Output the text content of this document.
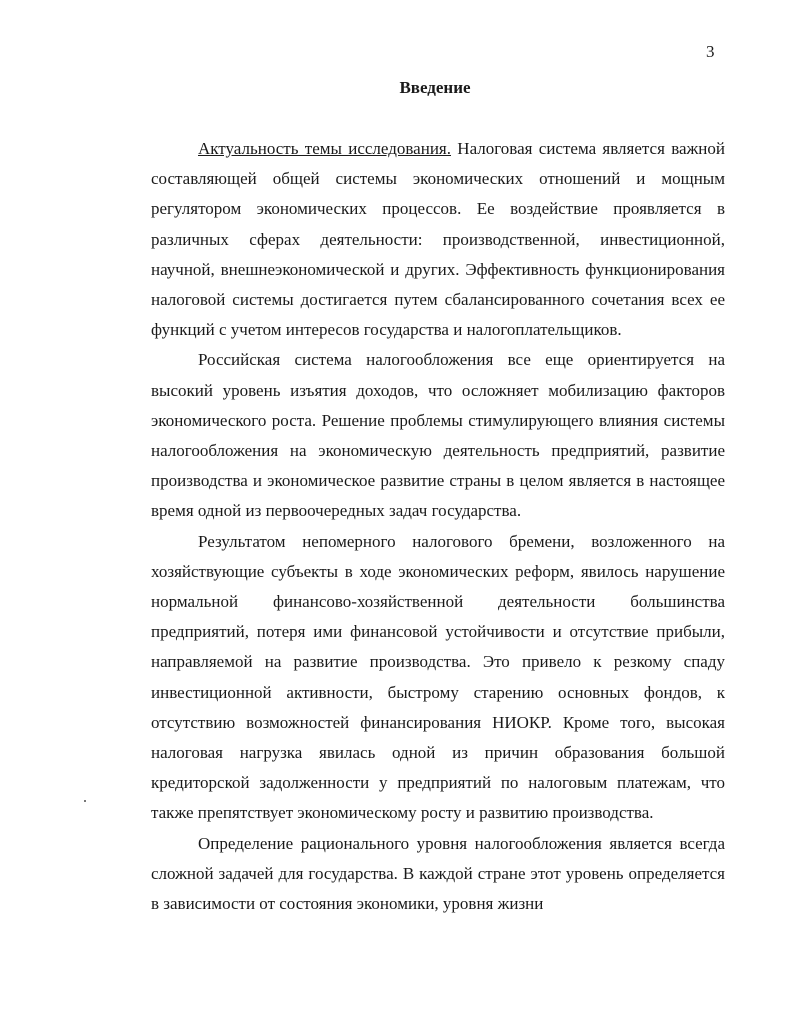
3
Введение

Актуальность темы исследования. Налоговая система является важной составляющей общей системы экономических отношений и мощным регулятором экономических процессов. Ее воздействие проявляется в различных сферах деятельности: производственной, инвестиционной, научной, внешнеэкономической и других. Эффективность функционирования налоговой системы достигается путем сбалансированного сочетания всех ее функций с учетом интересов государства и налогоплательщиков.

Российская система налогообложения все еще ориентируется на высокий уровень изъятия доходов, что осложняет мобилизацию факторов экономического роста. Решение проблемы стимулирующего влияния системы налогообложения на экономическую деятельность предприятий, развитие производства и экономическое развитие страны в целом является в настоящее время одной из первоочередных задач государства.

Результатом непомерного налогового бремени, возложенного на хозяйствующие субъекты в ходе экономических реформ, явилось нарушение нормальной финансово-хозяйственной деятельности большинства предприятий, потеря ими финансовой устойчивости и отсутствие прибыли, направляемой на развитие производства. Это привело к резкому спаду инвестиционной активности, быстрому старению основных фондов, к отсутствию возможностей финансирования НИОКР. Кроме того, высокая налоговая нагрузка явилась одной из причин образования большой кредиторской задолженности у предприятий по налоговым платежам, что также препятствует экономическому росту и развитию производства.

Определение рационального уровня налогообложения является всегда сложной задачей для государства. В каждой стране этот уровень определяется в зависимости от состояния экономики, уровня жизни
